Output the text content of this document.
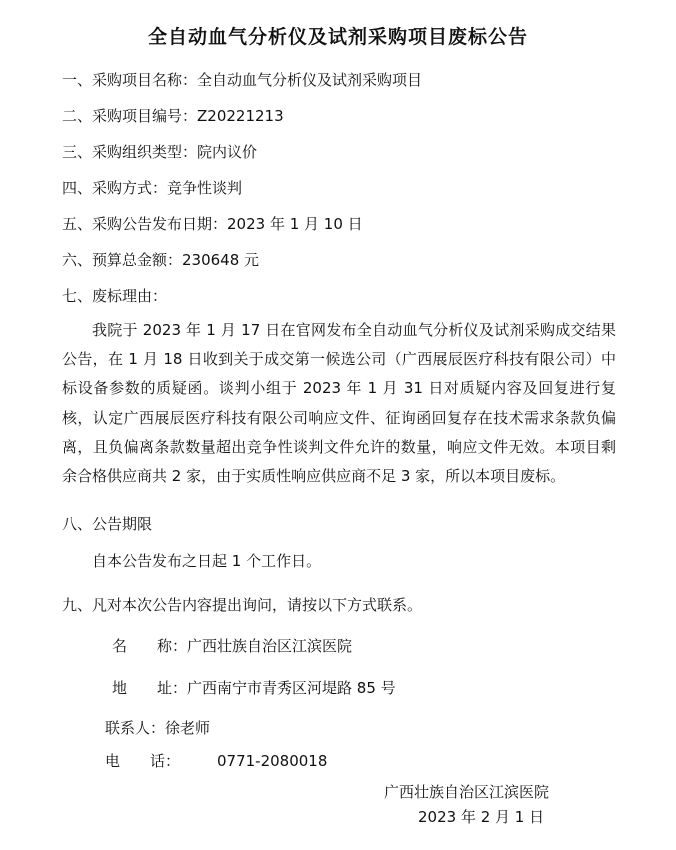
全自动血气分析仪及试剂采购项目废标公告
一、采购项目名称：全自动血气分析仪及试剂采购项目
二、采购项目编号：Z20221213
三、采购组织类型：院内议价
四、采购方式：竞争性谈判
五、采购公告发布日期：2023 年 1 月 10 日
六、预算总金额：230648 元
七、废标理由：
我院于 2023 年 1 月 17 日在官网发布全自动血气分析仪及试剂采购成交结果公告，在 1 月 18 日收到关于成交第一候选公司（广西展辰医疗科技有限公司）中标设备参数的质疑函。谈判小组于 2023 年 1 月 31 日对质疑内容及回复进行复核，认定广西展辰医疗科技有限公司响应文件、征询函回复存在技术需求条款负偏离，且负偏离条款数量超出竞争性谈判文件允许的数量，响应文件无效。本项目剩余合格供应商共 2 家，由于实质性响应供应商不足 3 家，所以本项目废标。
八、公告期限
自本公告发布之日起 1 个工作日。
九、凡对本次公告内容提出询问，请按以下方式联系。
名　　称：广西壮族自治区江滨医院
地　　址：广西南宁市青秀区河堤路 85 号
联系人：徐老师
电　　话： 0771-2080018
广西壮族自治区江滨医院
2023 年 2 月 1 日
